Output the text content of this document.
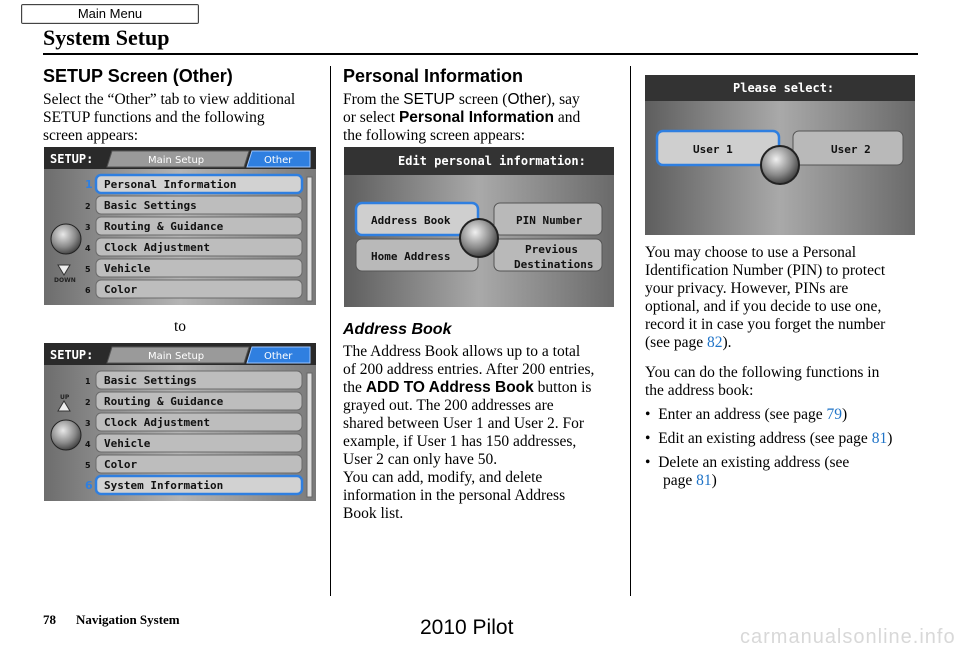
Main Menu
System Setup
SETUP Screen (Other)
Select the “Other” tab to view additional
SETUP functions and the following
screen appears:
SETUP:	Main Setup	Other
DOWN
1 Personal Information
2 Basic Settings
3 Routing & Guidance
4 Clock Adjustment
5 Vehicle
6 Color
to
SETUP:	Main Setup	Other
UP
1 Basic Settings
2 Routing & Guidance
3 Clock Adjustment
4 Vehicle
5 Color
6 System Information
Personal Information
From the SETUP screen (Other), say
or select Personal Information and
the following screen appears:
Edit personal information:
Address Book	PIN Number
Home Address
Previous
Destinations
Address Book
The Address Book allows up to a total
of 200 address entries. After 200 entries,
the ADD TO Address Book button is
grayed out. The 200 addresses are
shared between User 1 and User 2. For
example, if User 1 has 150 addresses,
User 2 can only have 50.
You can add, modify, and delete
information in the personal Address
Book list.
Please select:
User 1	User 2
You may choose to use a Personal
Identification Number (PIN) to protect
your privacy. However, PINs are
optional, and if you decide to use one,
record it in case you forget the number
(see page 82).
You can do the following functions in
the address book:
•  Enter an address (see page 79)
•  Edit an existing address (see page 81)
•  Delete an existing address (see
page 81)
78 Navigation System	2010 Pilot	carmanualsonline.info
